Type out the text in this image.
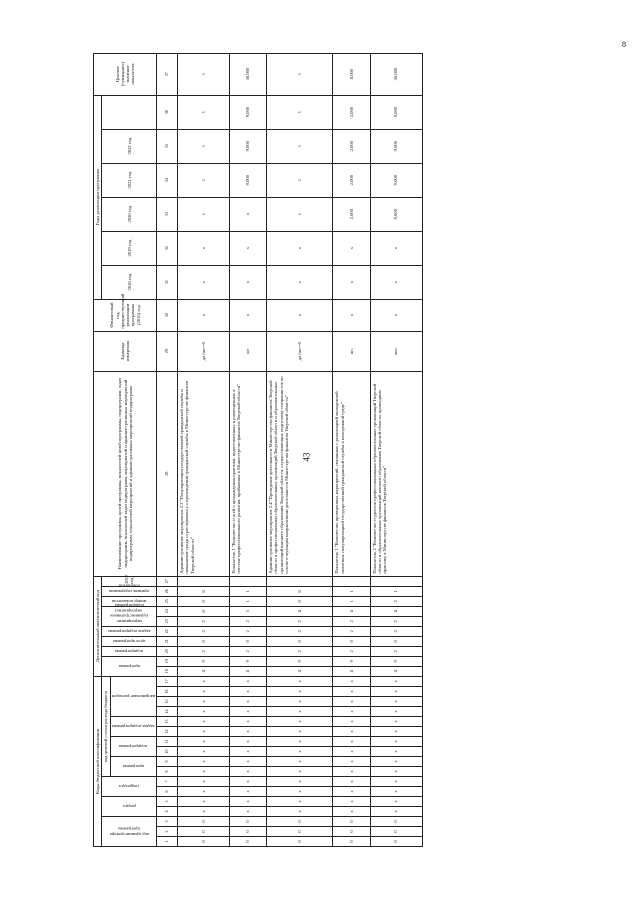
43
8
Коды бюджетной классификации																	Дополнительный аналитический код										Наименование программы, целей программы, показателей целей программы, подпрограмм, задач подпрограмм, показателей задач подпрограмм, мероприятий и административных мероприятий подпрограмм, показателей мероприятий и административных мероприятий подпрограмм	Единица измерения	Финансовый год, предшествующий реализации программы (2016) год	Годы реализации программы						Целевое (суммарное) значение показателя

код администратора программы			раздел		подраздел		код целевой статьи расхода бюджета										программа		подпрограмма	цель программы	задача подпрограммы	мероприятие (административное мероприятие) подпрограммы		номер показателя	признак содержания показателя	2017 год				2018 год	2019 год	2020 год	2021 год	2022 год		

							программа		подпрограмма		задача подпрограммы		направление расходов																							

1	2	3	4	5	6	7	8	9	10	11	12	13	14	15	16	17	18	19	20	21	22	23	24	25	26	27	28	29	30	31	32	33	34	35	36	37
0	0	0	x	x	x	x	x	x	x	x	x	x	x	x	x	x	4	9	2	0	2	2	0	0	0		Административное мероприятие 2.3 "Популяризация государственной гражданской службы и повышение среди отрасти(выявл.) о прохождении гражданской службы в Министерстве финансов Тверской области"	да /нет=0	x	x	x	1	1	1	1	1
0	0	0	x	x	x	x	x	x	x	x	x	x	x	x	x	x	4	9	2	0	2	2	3	1	1		Показатель 1 "Количество статей о прохождении практики, подготовленных и размещенных в системе профессионального развития, прибывших в Министерство финансов Тверской области"	шт	x	x	x	x	9,000	9,000	9,000	36,000
0	0	0	x	x	x	x	x	x	x	x	x	x	x	x	x	x	4	9	2	0	2	2	4	0	0		Административное мероприятие 2.4 "Проведение деятельности Министерства финансов Тверской области и профессиональных образовательных организаций Тверской области и образовательных организаций высшего образования Тверской области, осуществляющих подготовку специалистов по соответствующим направлениям деятельности Министерства финансов Тверской области"	да /нет=0	x	x	x	1	1	1	1	1
0	0	0	x	x	x	x	x	x	x	x	x	x	x	x	x	x	4	9	2	0	2	2	4	1	1		Показатель 1 "Количество проведенных мероприятий, связанных с реализацией молодежной политики, популяризацией государственной гражданской службы в молодежной среде"	шт.	x	x	x	2,000	2,000	2,000	2,000	8,000
0	0	0	x	x	x	x	x	x	x	x	x	x	x	x	x	x	4	9	2	0	2	2	4	2	1		Показатель 2 "Количество студентов профессиональных образовательных организаций Тверской области и образовательных организаций высшего образования Тверской области, прошедших практику в Министерстве финансов Тверской области"	чел.	x	x	x	9,000	9,000	9,000	9,000	36,000
